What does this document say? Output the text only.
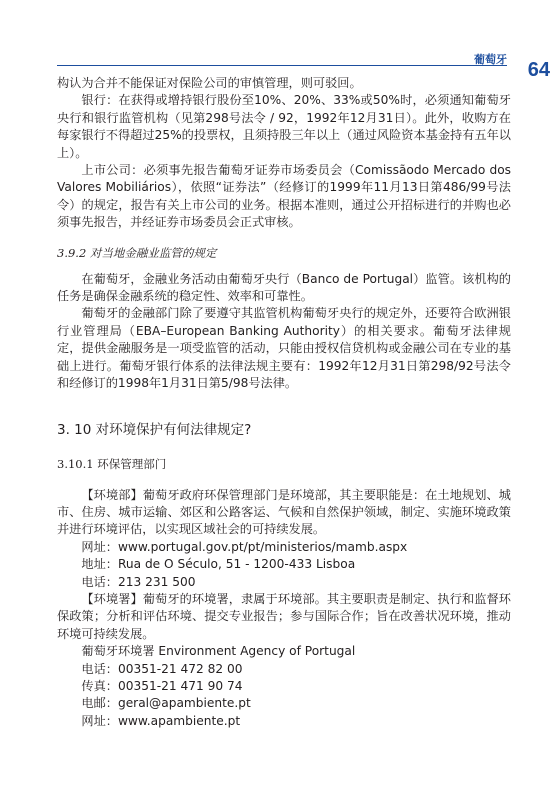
葡萄牙 64

构认为合并不能保证对保险公司的审慎管理，则可驳回。

银行：在获得或增持银行股份至10%、20%、33%或50%时，必须通知葡萄牙央行和银行监管机构（见第298号法令 / 92，1992年12月31日）。此外，收购方在每家银行不得超过25%的投票权，且须持股三年以上（通过风险资本基金持有五年以上）。

上市公司：必须事先报告葡萄牙证券市场委员会（Comissãodo Mercado dos Valores Mobiliários），依照“证券法”（经修订的1999年11月13日第486/99号法令）的规定，报告有关上市公司的业务。根据本准则，通过公开招标进行的并购也必须事先报告，并经证券市场委员会正式审核。

3.9.2 对当地金融业监管的规定

在葡萄牙，金融业务活动由葡萄牙央行（Banco de Portugal）监管。该机构的任务是确保金融系统的稳定性、效率和可靠性。

葡萄牙的金融部门除了要遵守其监管机构葡萄牙央行的规定外，还要符合欧洲银行业管理局（EBA–European Banking Authority）的相关要求。葡萄牙法律规定，提供金融服务是一项受监管的活动，只能由授权信贷机构或金融公司在专业的基础上进行。葡萄牙银行体系的法律法规主要有：1992年12月31日第298/92号法令和经修订的1998年1月31日第5/98号法律。

3. 10 对环境保护有何法律规定?
3.10.1 环保管理部门

【环境部】葡萄牙政府环保管理部门是环境部，其主要职能是：在土地规划、城市、住房、城市运输、郊区和公路客运、气候和自然保护领域，制定、实施环境政策并进行环境评估，以实现区域社会的可持续发展。

网址：www.portugal.gov.pt/pt/ministerios/mamb.aspx

地址：Rua de O Século, 51 - 1200-433 Lisboa

电话：213 231 500

【环境署】葡萄牙的环境署，隶属于环境部。其主要职责是制定、执行和监督环保政策；分析和评估环境、提交专业报告；参与国际合作；旨在改善状况环境，推动环境可持续发展。

葡萄牙环境署 Environment Agency of Portugal

电话：00351-21 472 82 00

传真：00351-21 471 90 74

电邮：geral@apambiente.pt

网址：www.apambiente.pt
